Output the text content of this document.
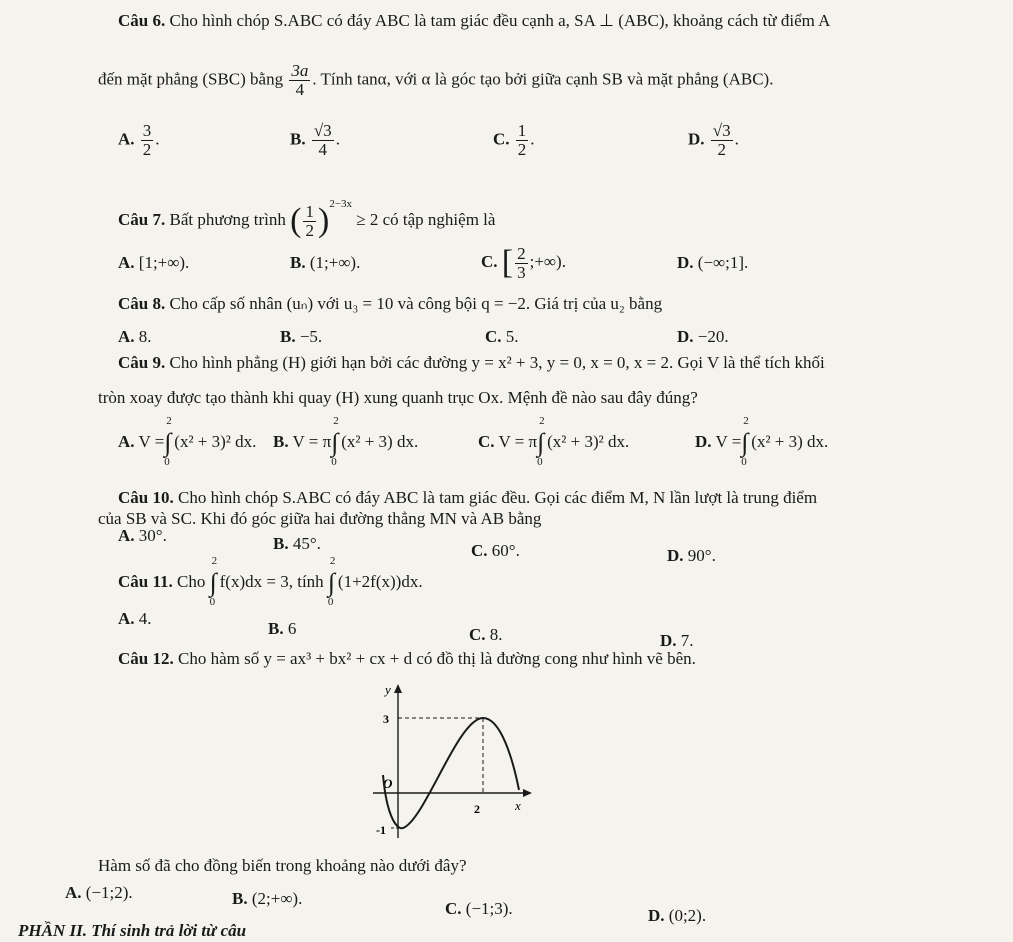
Câu 6. Cho hình chóp S.ABC có đáy ABC là tam giác đều cạnh a, SA ⊥ (ABC), khoảng cách từ điểm A
đến mặt phẳng (SBC) bằng $\frac{3a}{4}$ . Tính tanα, với α là góc tạo bởi giữa cạnh SB và mặt phẳng (ABC).
A. $\frac{3}{2}$ .	B. $\frac{√3}{4}$ .	C. $\frac{1}{2}$ .	D. $\frac{√3}{2}$ .
Câu 7. Bất phương trình ( $\frac{1}{2} )^{2-3x} \ge 2$ có tập nghiệm là
A. [1;+∞).	B. (1;+∞).	C. [ $\frac{2}{3}$ ;+∞).	D. (−∞;1].
Câu 8. Cho cấp số nhân (uₙ) với u₃ = 10 và công bội q = −2. Giá trị của u₂ bằng
A. 8.	B. −5.	C. 5.	D. −20.
Câu 9. Cho hình phẳng (H) giới hạn bởi các đường y = x² + 3, y = 0, x = 0, x = 2. Gọi V là thể tích khối
tròn xoay được tạo thành khi quay (H) xung quanh trục Ox. Mệnh đề nào sau đây đúng?
A. V =∫
2
0
(x² + 3)² dx. B. V = π∫
2
0
(x² + 3) dx.	C. V = π∫
2
0
(x² + 3)² dx.	D. V =∫
2
0
(x² + 3) dx.
Câu 10. Cho hình chóp S.ABC có đáy ABC là tam giác đều. Gọi các điểm M, N lần lượt là trung điểm
của SB và SC. Khi đó góc giữa hai đường thẳng MN và AB bằng
A. 30°.	B. 45°.	C. 60°.	D. 90°.
Câu 11. Cho ∫
2
0
f(x)dx = 3, tính ∫
2
0
(1+2f(x))dx.
A. 4.
B. 6	C. 8.	D. 7.
Câu 12. Cho hàm số y = ax³ + bx² + cx + d có đồ thị là đường cong như hình vẽ bên.
y
x
O
3
-1
2
Hàm số đã cho đồng biến trong khoảng nào dưới đây?
A. (−1;2).	B. (2;+∞).
C. (−1;3).	D. (0;2).
PHẦN II. Thí sinh trả lời từ câu
